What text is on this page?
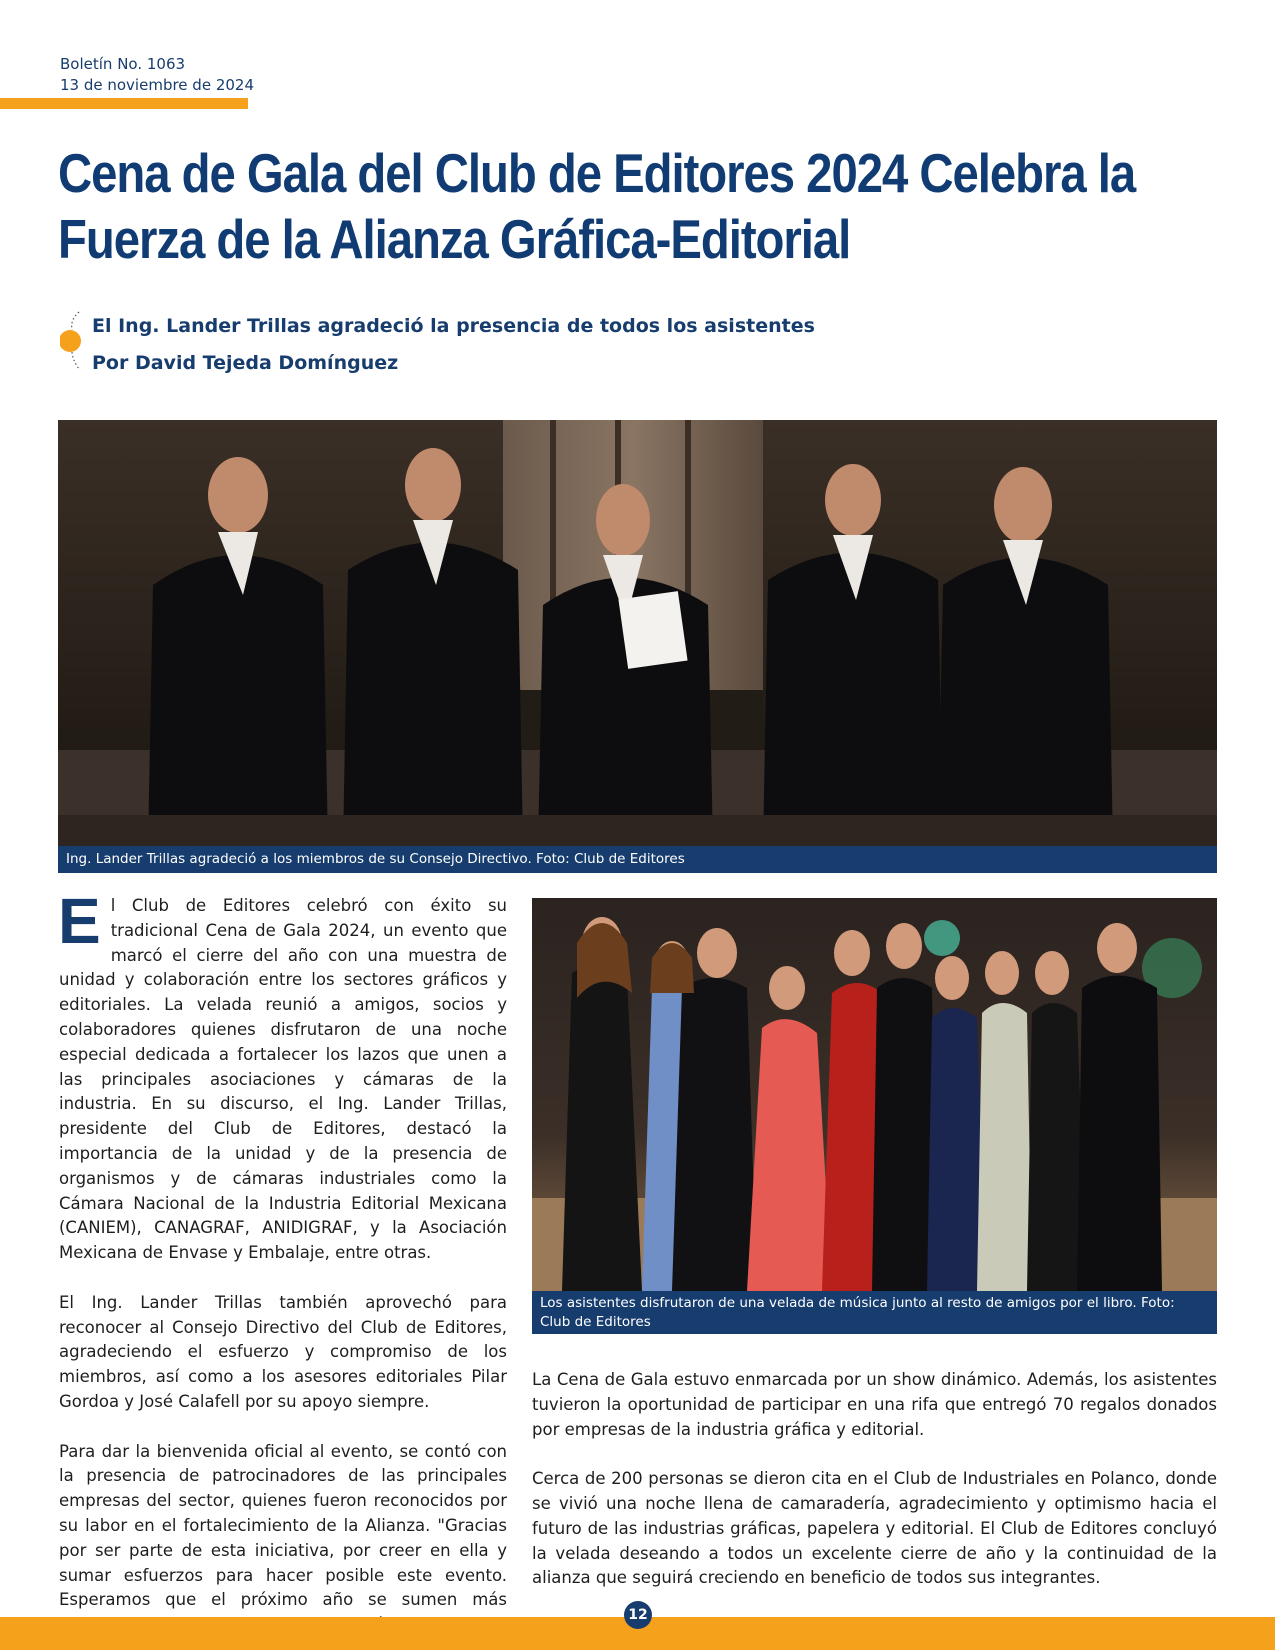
Boletín No. 1063
13 de noviembre de 2024
Cena de Gala del Club de Editores 2024 Celebra la
Fuerza de la Alianza Gráfica-Editorial
El Ing. Lander Trillas agradeció la presencia de todos los asistentes
Por David Tejeda Domínguez
Ing. Lander Trillas agradeció a los miembros de su Consejo Directivo. Foto: Club de Editores

El Club de Editores celebró con éxito su tradicional Cena de Gala 2024, un evento que marcó el cierre del año con una muestra de unidad y colaboración entre los sectores gráficos y editoriales. La velada reunió a amigos, socios y colaboradores quienes disfrutaron de una noche especial dedicada a fortalecer los lazos que unen a las principales asociaciones y cámaras de la industria. En su discurso, el Ing. Lander Trillas, presidente del Club de Editores, destacó la importancia de la unidad y de la presencia de organismos y de cámaras industriales como la Cámara Nacional de la Industria Editorial Mexicana (CANIEM), CANAGRAF, ANIDIGRAF, y la Asociación Mexicana de Envase y Embalaje, entre otras.

El Ing. Lander Trillas también aprovechó para reconocer al Consejo Directivo del Club de Editores, agradeciendo el esfuerzo y compromiso de los miembros, así como a los asesores editoriales Pilar Gordoa y José Calafell por su apoyo siempre.

Para dar la bienvenida oficial al evento, se contó con la presencia de patrocinadores de las principales empresas del sector, quienes fueron reconocidos por su labor en el fortalecimiento de la Alianza. "Gracias por ser parte de esta iniciativa, por creer en ella y sumar esfuerzos para hacer posible este evento. Esperamos que el próximo año se sumen más

Los asistentes disfrutaron de una velada de música junto al resto de amigos por el libro. Foto: Club de Editores

La Cena de Gala estuvo enmarcada por un show dinámico. Además, los asistentes tuvieron la oportunidad de participar en una rifa que entregó 70 regalos donados por empresas de la industria gráfica y editorial.

Cerca de 200 personas se dieron cita en el Club de Industriales en Polanco, donde se vivió una noche llena de camaradería, agradecimiento y optimismo hacia el futuro de las industrias gráficas, papelera y editorial. El Club de Editores concluyó la velada deseando a todos un excelente cierre de año y la continuidad de la alianza que seguirá creciendo en beneficio de todos sus integrantes.

12
